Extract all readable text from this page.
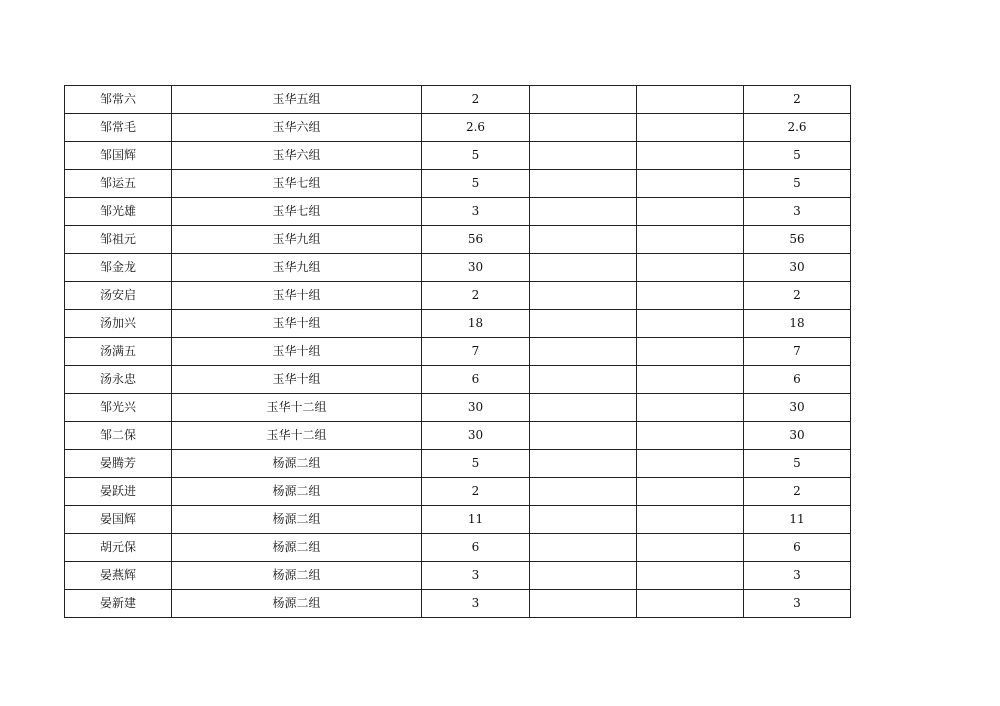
邹常六	玉华五组	2			2
邹常毛	玉华六组	2.6			2.6
邹国辉	玉华六组	5			5
邹运五	玉华七组	5			5
邹光雄	玉华七组	3			3
邹祖元	玉华九组	56			56
邹金龙	玉华九组	30			30
汤安启	玉华十组	2			2
汤加兴	玉华十组	18			18
汤满五	玉华十组	7			7
汤永忠	玉华十组	6			6
邹光兴	玉华十二组	30			30
邹二保	玉华十二组	30			30
晏腾芳	杨源二组	5			5
晏跃进	杨源二组	2			2
晏国辉	杨源二组	11			11
胡元保	杨源二组	6			6
晏燕辉	杨源二组	3			3
晏新建	杨源二组	3			3
